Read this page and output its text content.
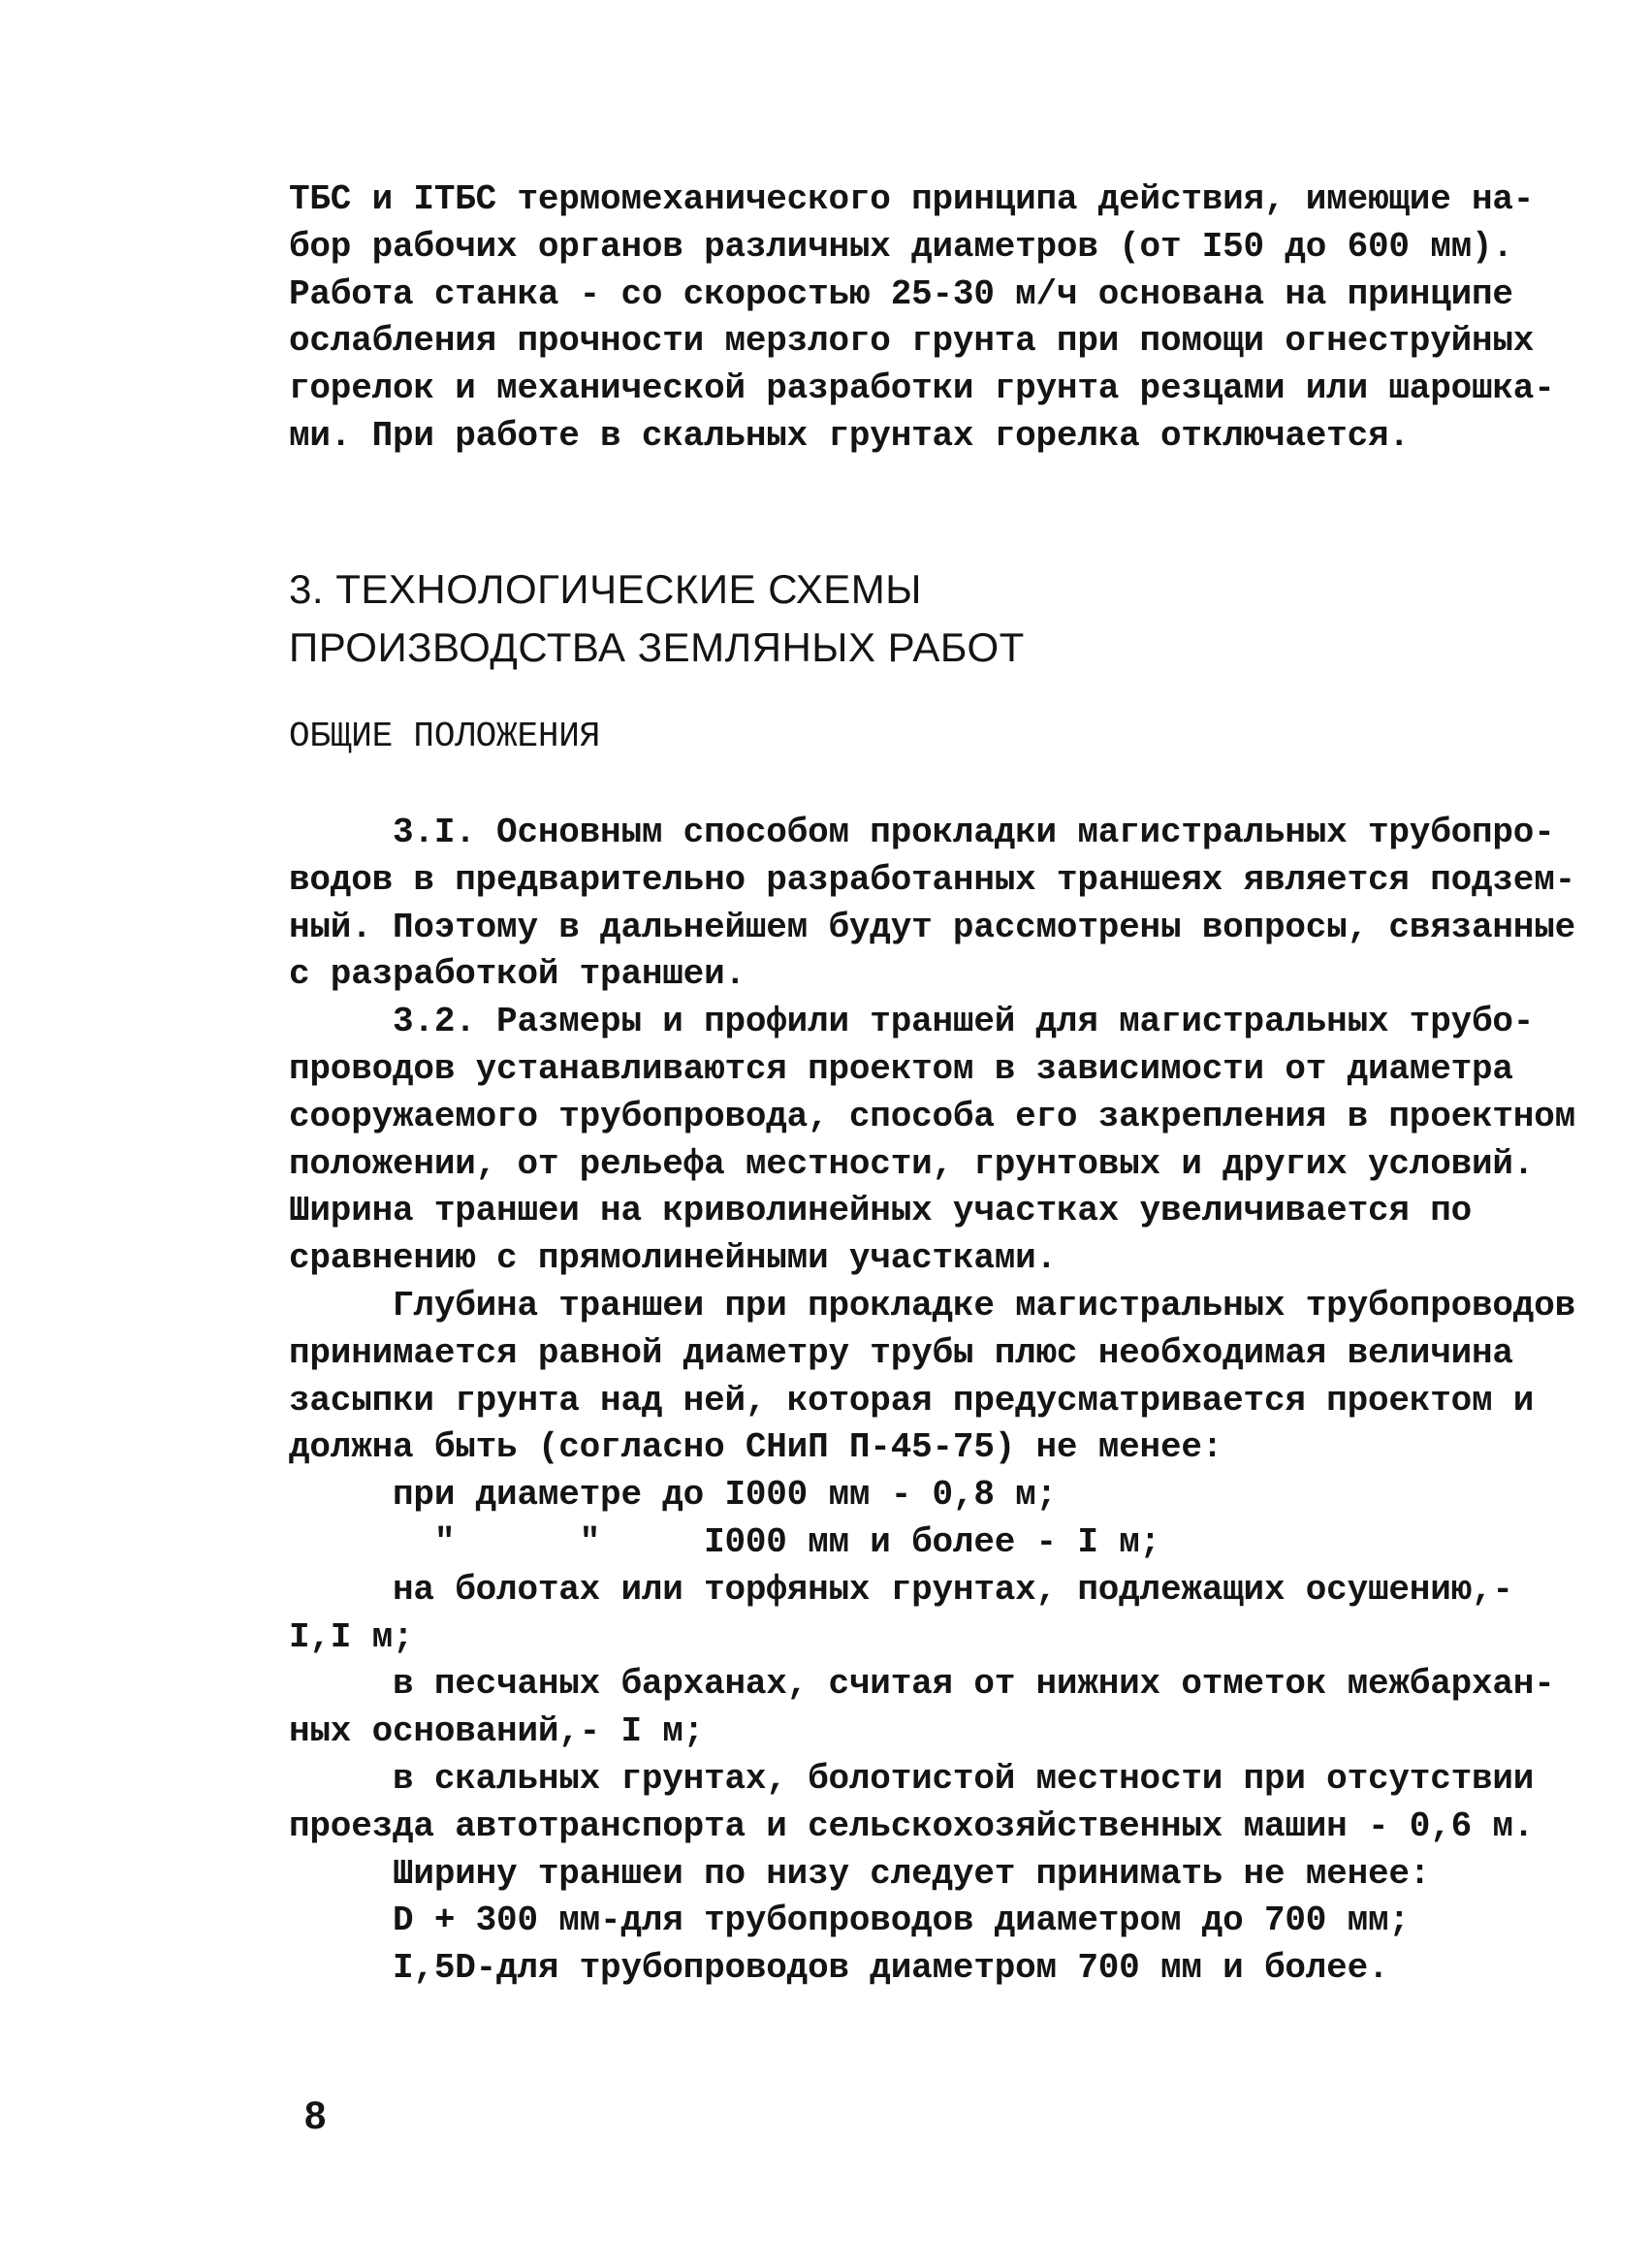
ТБС и ІТБС термомеханического принципа действия, имеющие на-
бор рабочих органов различных диаметров (от І50 до 600 мм).
Работа станка - со скоростью 25-30 м/ч основана на принципе
ослабления прочности мерзлого грунта при помощи огнеструйных
горелок и механической разработки грунта резцами или шарошка-
ми. При работе в скальных грунтах горелка отключается.
3. ТЕХНОЛОГИЧЕСКИЕ СХЕМЫ
ПРОИЗВОДСТВА ЗЕМЛЯНЫХ РАБОТ
ОБЩИЕ ПОЛОЖЕНИЯ
3.І. Основным способом прокладки магистральных трубопро-
водов в предварительно разработанных траншеях является подзем-
ный. Поэтому в дальнейшем будут рассмотрены вопросы, связанные
с разработкой траншеи.
3.2. Размеры и профили траншей для магистральных трубо-
проводов устанавливаются проектом в зависимости от диаметра
сооружаемого трубопровода, способа его закрепления в проектном
положении, от рельефа местности, грунтовых и других условий.
Ширина траншеи на криволинейных участках увеличивается по
сравнению с прямолинейными участками.
Глубина траншеи при прокладке магистральных трубопроводов
принимается равной диаметру трубы плюс необходимая величина
засыпки грунта над ней, которая предусматривается проектом и
должна быть (согласно СНиП П-45-75) не менее:
при диаметре до І000 мм - 0,8 м;
"      "     І000 мм и более - І м;
на болотах или торфяных грунтах, подлежащих осушению,-
І,І м;
в песчаных барханах, считая от нижних отметок межбархан-
ных оснований,- І м;
в скальных грунтах, болотистой местности при отсутствии
проезда автотранспорта и сельскохозяйственных машин - 0,6 м.
Ширину траншеи по низу следует принимать не менее:
D + 300 мм-для трубопроводов диаметром до 700 мм;
І,5D-для трубопроводов диаметром 700 мм и более.
8
